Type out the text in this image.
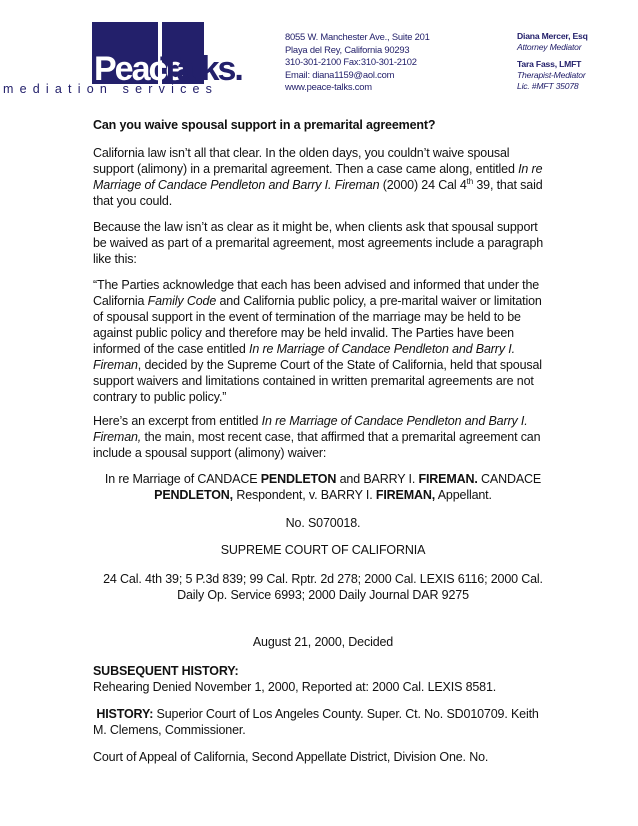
Peace
Talks.
mediation services
8055 W. Manchester Ave., Suite 201
Playa del Rey, California 90293
310-301-2100 Fax:310-301-2102
Email: diana1159@aol.com
www.peace-talks.com
Diana Mercer, Esq
Attorney Mediator
Tara Fass, LMFT
Therapist-Mediator
Lic. #MFT 35078

Can you waive spousal support in a premarital agreement?

California law isn’t all that clear. In the olden days, you couldn’t waive spousal support (alimony) in a premarital agreement. Then a case came along, entitled In re Marriage of Candace Pendleton and Barry I. Fireman (2000) 24 Cal 4th 39, that said that you could.

Because the law isn’t as clear as it might be, when clients ask that spousal support be waived as part of a premarital agreement, most agreements include a paragraph like this:

“The Parties acknowledge that each has been advised and informed that under the California Family Code and California public policy, a pre-marital waiver or limitation of spousal support in the event of termination of the marriage may be held to be against public policy and therefore may be held invalid. The Parties have been informed of the case entitled In re Marriage of Candace Pendleton and Barry I. Fireman, decided by the Supreme Court of the State of California, held that spousal support waivers and limitations contained in written premarital agreements are not contrary to public policy.”

Here’s an excerpt from entitled In re Marriage of Candace Pendleton and Barry I. Fireman, the main, most recent case, that affirmed that a premarital agreement can include a spousal support (alimony) waiver:

In re Marriage of CANDACE PENDLETON and BARRY I. FIREMAN. CANDACE PENDLETON, Respondent, v. BARRY I. FIREMAN, Appellant.

No. S070018.

SUPREME COURT OF CALIFORNIA

24 Cal. 4th 39; 5 P.3d 839; 99 Cal. Rptr. 2d 278; 2000 Cal. LEXIS 6116; 2000 Cal. Daily Op. Service 6993; 2000 Daily Journal DAR 9275

August 21, 2000, Decided

SUBSEQUENT HISTORY:

Rehearing Denied November 1, 2000, Reported at: 2000 Cal. LEXIS 8581.

HISTORY: Superior Court of Los Angeles County. Super. Ct. No. SD010709. Keith M. Clemens, Commissioner.

Court of Appeal of California, Second Appellate District, Division One. No.
